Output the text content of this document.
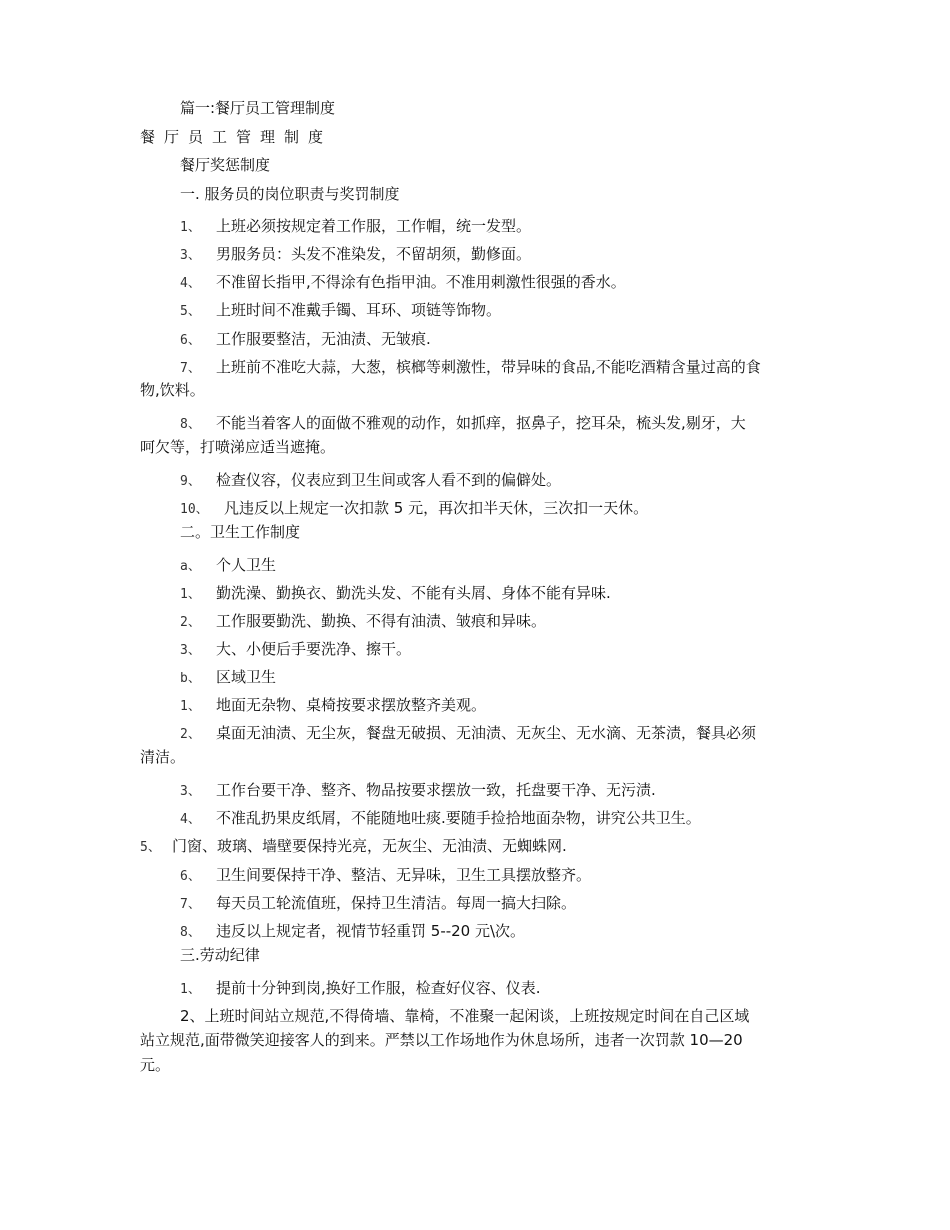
篇一:餐厅员工管理制度
餐厅员工管理制度
餐厅奖惩制度
一. 服务员的岗位职责与奖罚制度
1、 上班必须按规定着工作服，工作帽，统一发型。
3、 男服务员：头发不准染发，不留胡须，勤修面。
4、 不准留长指甲,不得涂有色指甲油。不准用刺激性很强的香水。
5、 上班时间不准戴手镯、耳环、项链等饰物。
6、 工作服要整洁，无油渍、无皱痕.
7、 上班前不准吃大蒜，大葱，槟榔等刺激性，带异味的食品,不能吃酒精含量过高的食
物,饮料。
8、 不能当着客人的面做不雅观的动作，如抓痒，抠鼻子，挖耳朵，梳头发,剔牙，大
呵欠等，打喷涕应适当遮掩。
9、 检查仪容，仪表应到卫生间或客人看不到的偏僻处。
10、 凡违反以上规定一次扣款 5 元，再次扣半天休，三次扣一天休。
二。卫生工作制度
a、 个人卫生
1、 勤洗澡、勤换衣、勤洗头发、不能有头屑、身体不能有异味.
2、 工作服要勤洗、勤换、不得有油渍、皱痕和异味。
3、 大、小便后手要洗净、擦干。
b、 区域卫生
1、 地面无杂物、桌椅按要求摆放整齐美观。
2、 桌面无油渍、无尘灰，餐盘无破损、无油渍、无灰尘、无水滴、无茶渍，餐具必须
清洁。
3、 工作台要干净、整齐、物品按要求摆放一致，托盘要干净、无污渍.
4、 不准乱扔果皮纸屑，不能随地吐痰.要随手捡拾地面杂物，讲究公共卫生。
5、 门窗、玻璃、墙壁要保持光亮，无灰尘、无油渍、无蜘蛛网.
6、 卫生间要保持干净、整洁、无异味，卫生工具摆放整齐。
7、 每天员工轮流值班，保持卫生清洁。每周一搞大扫除。
8、 违反以上规定者，视情节轻重罚 5--20 元\次。
三.劳动纪律
1、 提前十分钟到岗,换好工作服，检查好仪容、仪表.
2、上班时间站立规范,不得倚墙、靠椅，不准聚一起闲谈，上班按规定时间在自己区域
站立规范,面带微笑迎接客人的到来。严禁以工作场地作为休息场所，违者一次罚款 10—20
元。
